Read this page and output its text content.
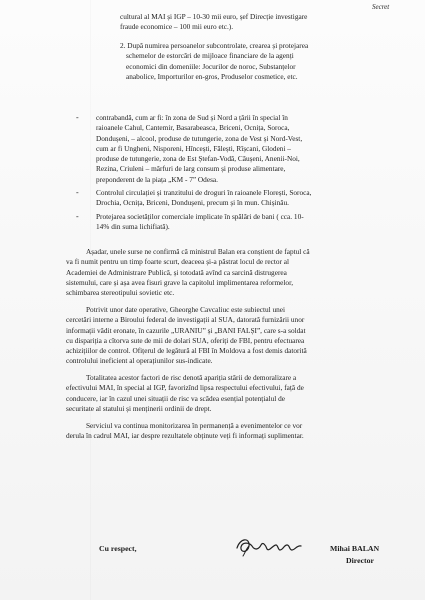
Secret
cultural al MAI și IGP – 10-30 mii euro, șef Direcție investigare
fraude economice – 100 mii euro etc.).
2. După numirea persoanelor subcontrolate, crearea și protejarea
schemelor de estorcări de mijloace financiare de la agenți
economici din domeniile: Jocurilor de noroc, Substanțelor
anabolice, Importurilor en-gros, Produselor cosmetice, etc.
- contrabandă, cum ar fi: în zona de Sud și Nord a țării în special în
raioanele Cahul, Cantemir, Basarabeasca, Briceni, Ocnița, Soroca,
Dondușeni, – alcool, produse de tutungerie, zona de Vest și Nord-Vest,
cum ar fi Ungheni, Nisporeni, Hîncești, Fălești, Rîșcani, Glodeni –
produse de tutungerie, zona de Est Ștefan-Vodă, Căușeni, Anenii-Noi,
Rezina, Criuleni – mărfuri de larg consum și produse alimentare,
preponderent de la piața „KM - 7” Odesa.
- Controlul circulației și tranzitului de droguri în raioanele Florești, Soroca,
Drochia, Ocnița, Briceni, Dondușeni, precum și în mun. Chișinău.
- Protejarea societăților comerciale implicate în spălări de bani ( cca. 10-
14% din suma lichifiată).
Așadar, unele surse ne confirmă că ministrul Balan era conștient de faptul că
va fi numit pentru un timp foarte scurt, deaceea și-a păstrat locul de rector al
Academiei de Administrare Publică, și totodată avînd ca sarcină distrugerea
sistemului, care și așa avea fisuri grave la capitolul implimentarea reformelor,
schimbarea stereotipului sovietic etc.
Potrivit unor date operative, Gheorghe Cavcaliuc este subiectul unei
cercetări interne a Biroului federal de investigații al SUA, datorată furnizării unor
informații vădit eronate, în cazurile „URANIU” și „BANI FALȘI”, care s-a soldat
cu dispariția a cîtorva sute de mii de dolari SUA, oferiți de FBI, pentru efectuarea
achizițiilor de control. Ofițerul de legătură al FBI în Moldova a fost demis datorită
controlului ineficient al operațiunilor sus-indicate.
Totalitatea acestor factori de risc denotă apariția stării de demoralizare a
efectivului MAI, în special al IGP, favorizînd lipsa respectului efectivului, față de
conducere, iar în cazul unei situații de risc va scădea esențial potențialul de
securitate al statului și menținerii ordinii de drept.
Serviciul va continua monitorizarea în permanență a evenimentelor ce vor
derula în cadrul MAI, iar despre rezultatele obținute veți fi informați suplimentar.
Cu respect,	Mihai BALAN
Director
